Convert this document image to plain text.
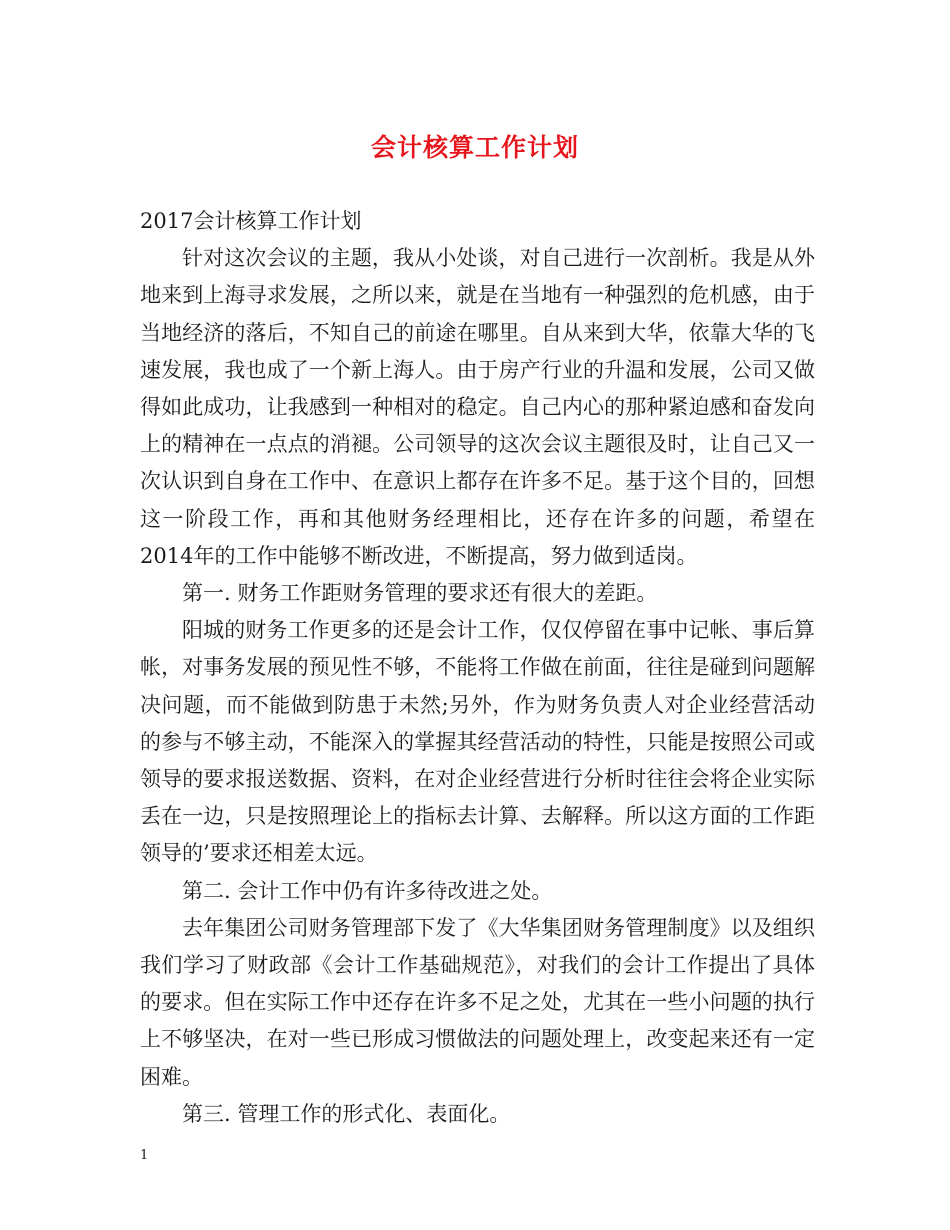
会计核算工作计划

2017会计核算工作计划

针对这次会议的主题，我从小处谈，对自己进行一次剖析。我是从外地来到上海寻求发展，之所以来，就是在当地有一种强烈的危机感，由于当地经济的落后，不知自己的前途在哪里。自从来到大华，依靠大华的飞速发展，我也成了一个新上海人。由于房产行业的升温和发展，公司又做得如此成功，让我感到一种相对的稳定。自己内心的那种紧迫感和奋发向上的精神在一点点的消褪。公司领导的这次会议主题很及时，让自己又一次认识到自身在工作中、在意识上都存在许多不足。基于这个目的，回想这一阶段工作，再和其他财务经理相比，还存在许多的问题，希望在2014年的工作中能够不断改进，不断提高，努力做到适岗。

第一. 财务工作距财务管理的要求还有很大的差距。

阳城的财务工作更多的还是会计工作，仅仅停留在事中记帐、事后算帐，对事务发展的预见性不够，不能将工作做在前面，往往是碰到问题解决问题，而不能做到防患于未然;另外，作为财务负责人对企业经营活动的参与不够主动，不能深入的掌握其经营活动的特性，只能是按照公司或领导的要求报送数据、资料，在对企业经营进行分析时往往会将企业实际丢在一边，只是按照理论上的指标去计算、去解释。所以这方面的工作距领导的’要求还相差太远。

第二. 会计工作中仍有许多待改进之处。

去年集团公司财务管理部下发了《大华集团财务管理制度》以及组织我们学习了财政部《会计工作基础规范》，对我们的会计工作提出了具体的要求。但在实际工作中还存在许多不足之处，尤其在一些小问题的执行上不够坚决，在对一些已形成习惯做法的问题处理上，改变起来还有一定困难。

第三. 管理工作的形式化、表面化。

1
